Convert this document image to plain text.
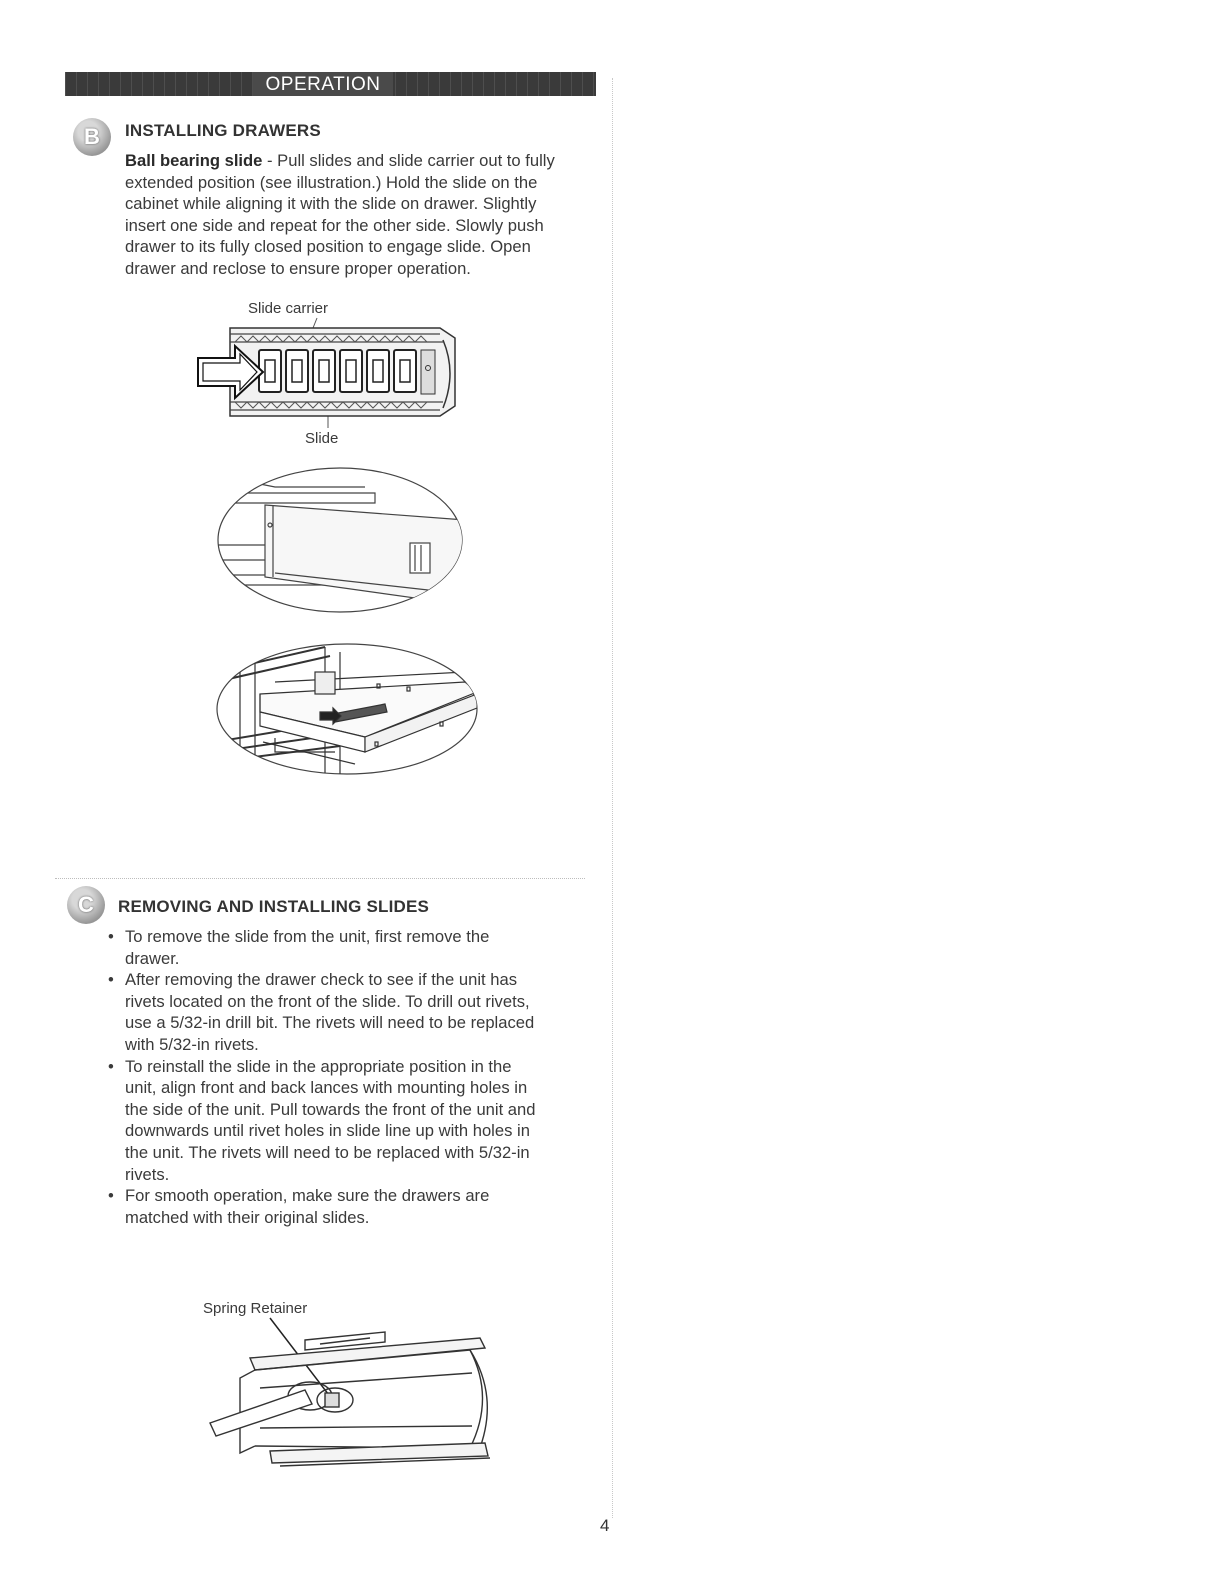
OPERATION
B	INSTALLING DRAWERS
Ball bearing slide - Pull slides and slide carrier out to fully
extended position (see illustration.) Hold the slide on the
cabinet while aligning it with the slide on drawer. Slightly
insert one side and repeat for the other side. Slowly push
drawer to its fully closed position to engage slide. Open
drawer and reclose to ensure proper operation.
Slide carrier
Slide
C	REMOVING AND INSTALLING SLIDES
• To remove the slide from the unit, first remove the
drawer.
• After removing the drawer check to see if the unit has
rivets located on the front of the slide. To drill out rivets,
use a 5/32-in drill bit. The rivets will need to be replaced
with 5/32-in rivets.
• To reinstall the slide in the appropriate position in the
unit, align front and back lances with mounting holes in
the side of the unit. Pull towards the front of the unit and
downwards until rivet holes in slide line up with holes in
the unit. The rivets will need to be replaced with 5/32-in
rivets.
• For smooth operation, make sure the drawers are
matched with their original slides.
Spring Retainer
4
